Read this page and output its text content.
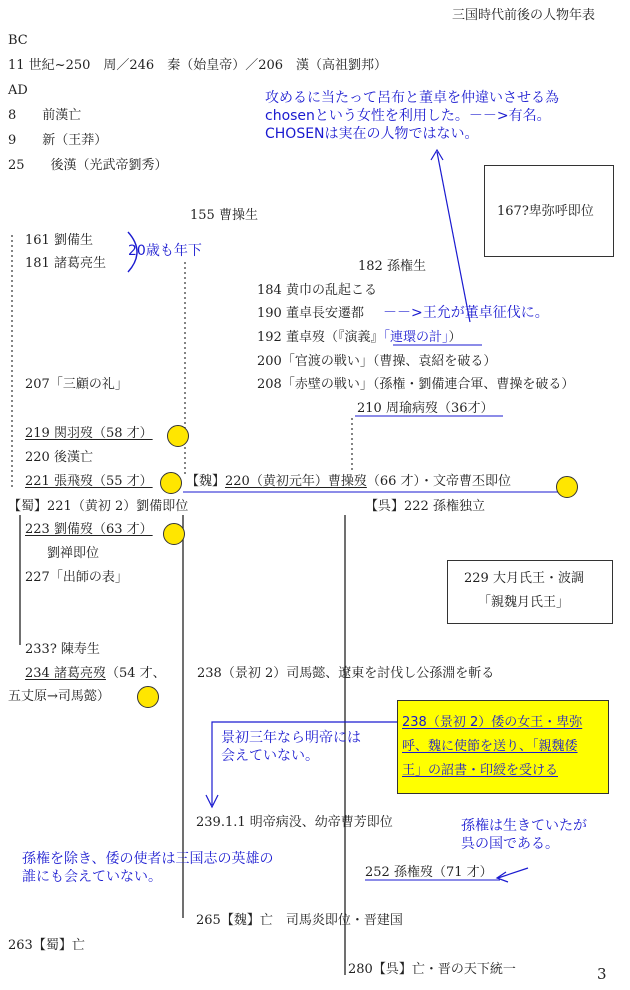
三国時代前後の人物年表
BC
11 世紀~250　周／246　秦（始皇帝）／206　漢（高祖劉邦）
AD
8　　前漢亡
9　　新（王莽）
25　　後漢（光武帝劉秀）
攻めるに当たって呂布と董卓を仲違いさせる為
chosenという女性を利用した。－－>有名。
CHOSENは実在の人物ではない。
167?卑弥呼即位
155 曹操生
161 劉備生
181 諸葛亮生
20歳も年下
182 孫権生
184 黄巾の乱起こる
190 董卓長安遷都 －－>王允が董卓征伐に。
192 董卓歿（『演義』「連環の計」）
200「官渡の戦い」（曹操、袁紹を破る）
207「三顧の礼」	208「赤壁の戦い」（孫権・劉備連合軍、曹操を破る）
210 周瑜病歿（36才）
219 関羽歿（58 才）
220 後漢亡
221 張飛歿（55 才）	【魏】220（黄初元年）曹操歿（66 才）・文帝曹丕即位
【蜀】221（黄初 2）劉備即位	【呉】222 孫権独立
223 劉備歿（63 才）
劉禅即位
227「出師の表」	229 大月氏王・波調
「親魏月氏王」
233? 陳寿生
234 諸葛亮歿（54 才、 238（景初 2）司馬懿、遼東を討伐し公孫淵を斬る
五丈原→司馬懿）
238（景初 2）倭の女王・卑弥
呼、魏に使節を送り、「親魏倭
王」の詔書・印綬を受ける
景初三年なら明帝には
会えていない。
239.1.1 明帝病没、幼帝曹芳即位	孫権は生きていたが
呉の国である。
孫権を除き、倭の使者は三国志の英雄の
誰にも会えていない。	252 孫権歿（71 才）
265【魏】亡　司馬炎即位・晋建国
263【蜀】亡
280【呉】亡・晋の天下統一	3
